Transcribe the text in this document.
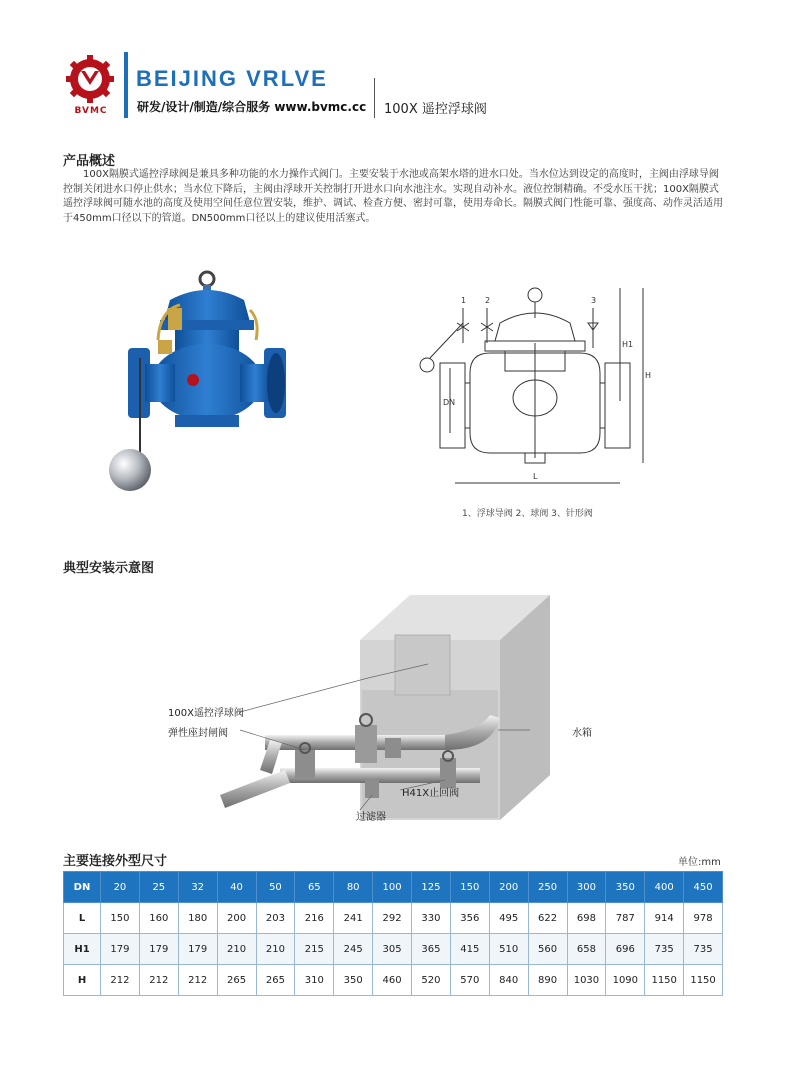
BVMC
BEIJING VRLVE
研发/设计/制造/综合服务 www.bvmc.cc 100X 遥控浮球阀
产品概述
100X隔膜式遥控浮球阀是兼具多种功能的水力操作式阀门。主要安装于水池或高架水塔的进水口处。当水位达到设定的高度时，主阀由浮球导阀控制关闭进水口停止供水；当水位下降后，主阀由浮球开关控制打开进水口向水池注水。实现自动补水。液位控制精确。不受水压干扰；100X隔膜式遥控浮球阀可随水池的高度及使用空间任意位置安装，维护、调试、检查方便、密封可靠，使用寿命长。隔膜式阀门性能可靠、强度高、动作灵活适用于450mm口径以下的管道。DN500mm口径以上的建议使用活塞式。
1 2	3
H1
H
DN
L
1、浮球导阀 2、球阀 3、针形阀
典型安装示意图
100X遥控浮球阀
弹性座封闸阀	水箱
H41X止回阀
过滤器
主要连接外型尺寸	单位:mm
DN	20	25	32	40	50	65	80	100	125	150	200	250	300	350	400	450
L	150	160	180	200	203	216	241	292	330	356	495	622	698	787	914	978
H1	179	179	179	210	210	215	245	305	365	415	510	560	658	696	735	735
H	212	212	212	265	265	310	350	460	520	570	840	890	1030	1090	1150	1150
